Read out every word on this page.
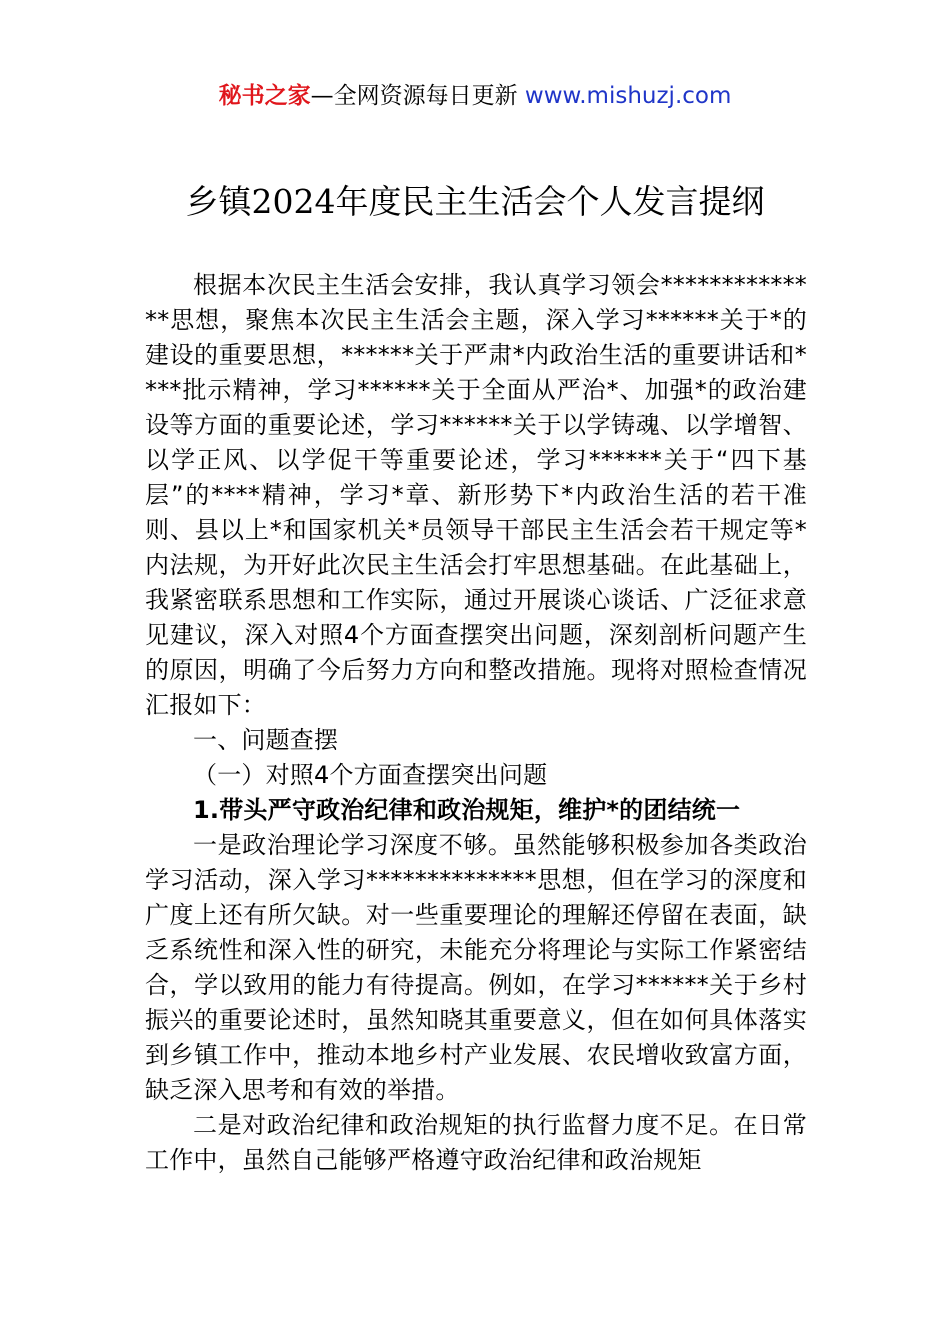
秘书之家—全网资源每日更新 www.mishuzj.com
乡镇2024年度民主生活会个人发言提纲

根据本次民主生活会安排，我认真学习领会**************思想，聚焦本次民主生活会主题，深入学习******关于*的建设的重要思想，******关于严肃*内政治生活的重要讲话和****批示精神，学习******关于全面从严治*、加强*的政治建设等方面的重要论述，学习******关于以学铸魂、以学增智、以学正风、以学促干等重要论述，学习******关于“四下基层”的****精神，学习*章、新形势下*内政治生活的若干准则、县以上*和国家机关*员领导干部民主生活会若干规定等*内法规，为开好此次民主生活会打牢思想基础。在此基础上，我紧密联系思想和工作实际，通过开展谈心谈话、广泛征求意见建议，深入对照4个方面查摆突出问题，深刻剖析问题产生的原因，明确了今后努力方向和整改措施。现将对照检查情况汇报如下：

一、问题查摆

（一）对照4个方面查摆突出问题

1.带头严守政治纪律和政治规矩，维护*的团结统一

一是政治理论学习深度不够。虽然能够积极参加各类政治学习活动，深入学习**************思想，但在学习的深度和广度上还有所欠缺。对一些重要理论的理解还停留在表面，缺乏系统性和深入性的研究，未能充分将理论与实际工作紧密结合，学以致用的能力有待提高。例如，在学习******关于乡村振兴的重要论述时，虽然知晓其重要意义，但在如何具体落实到乡镇工作中，推动本地乡村产业发展、农民增收致富方面，缺乏深入思考和有效的举措。

二是对政治纪律和政治规矩的执行监督力度不足。在日常工作中，虽然自己能够严格遵守政治纪律和政治规矩
